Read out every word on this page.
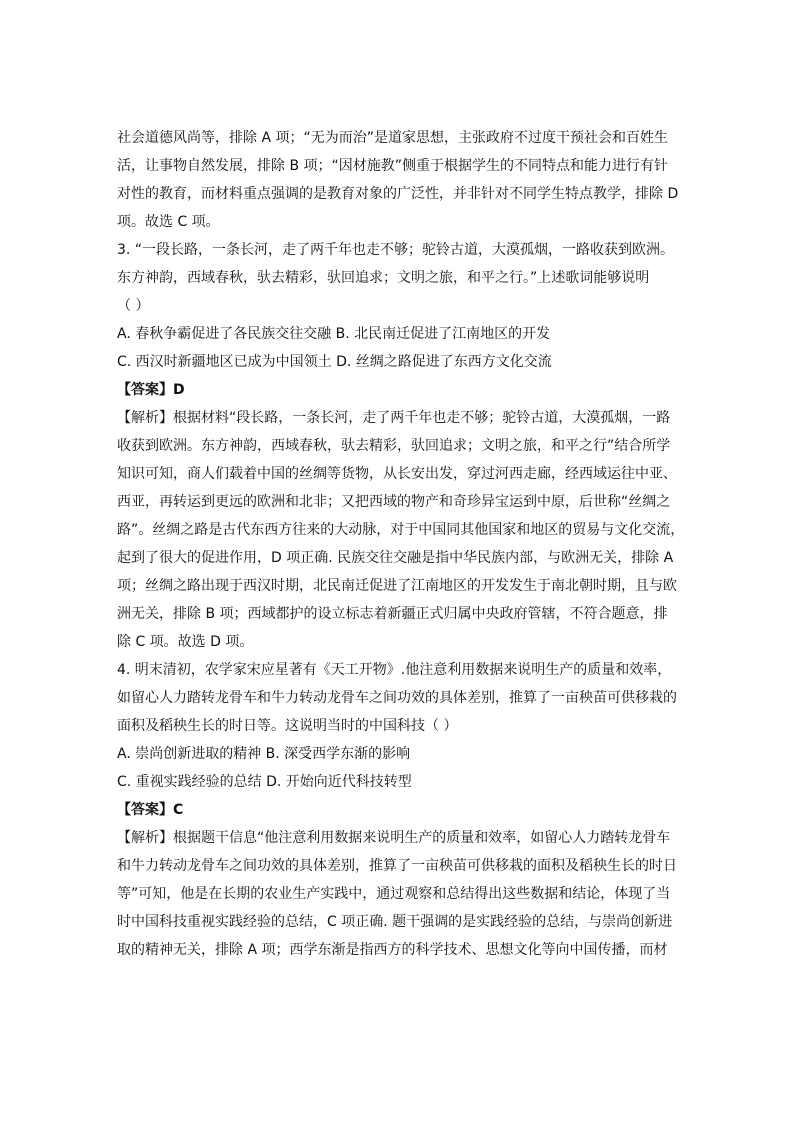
社会道德风尚等，排除 A 项；“无为而治”是道家思想，主张政府不过度干预社会和百姓生
活，让事物自然发展，排除 B 项；“因材施教”侧重于根据学生的不同特点和能力进行有针
对性的教育，而材料重点强调的是教育对象的广泛性，并非针对不同学生特点教学，排除 D
项。故选 C 项。
3. “一段长路，一条长河，走了两千年也走不够；驼铃古道，大漠孤烟，一路收获到欧洲。
东方神韵，西域春秋，驮去精彩，驮回追求；文明之旅，和平之行。”上述歌词能够说明
（ ）
A. 春秋争霸促进了各民族交往交融 B. 北民南迁促进了江南地区的开发
C. 西汉时新疆地区已成为中国领土 D. 丝绸之路促进了东西方文化交流
【答案】D
【解析】根据材料“段长路，一条长河，走了两千年也走不够；驼铃古道，大漠孤烟，一路
收获到欧洲。东方神韵，西域春秋，驮去精彩，驮回追求；文明之旅，和平之行”结合所学
知识可知，商人们载着中国的丝绸等货物，从长安出发，穿过河西走廊，经西域运往中亚、
西亚，再转运到更远的欧洲和北非；又把西域的物产和奇珍异宝运到中原，后世称“丝绸之
路”。丝绸之路是古代东西方往来的大动脉，对于中国同其他国家和地区的贸易与文化交流，
起到了很大的促进作用，D 项正确. 民族交往交融是指中华民族内部，与欧洲无关，排除 A
项；丝绸之路出现于西汉时期，北民南迁促进了江南地区的开发发生于南北朝时期，且与欧
洲无关，排除 B 项；西域都护的设立标志着新疆正式归属中央政府管辖，不符合题意，排
除 C 项。故选 D 项。
4. 明末清初，农学家宋应星著有《天工开物》.他注意利用数据来说明生产的质量和效率，
如留心人力踏转龙骨车和牛力转动龙骨车之间功效的具体差别，推算了一亩秧苗可供移栽的
面积及稻秧生长的时日等。这说明当时的中国科技（ ）
A. 崇尚创新进取的精神 B. 深受西学东渐的影响
C. 重视实践经验的总结 D. 开始向近代科技转型
【答案】C
【解析】根据题干信息“他注意利用数据来说明生产的质量和效率，如留心人力踏转龙骨车
和牛力转动龙骨车之间功效的具体差别，推算了一亩秧苗可供移栽的面积及稻秧生长的时日
等”可知，他是在长期的农业生产实践中，通过观察和总结得出这些数据和结论，体现了当
时中国科技重视实践经验的总结，C 项正确. 题干强调的是实践经验的总结，与崇尚创新进
取的精神无关，排除 A 项；西学东渐是指西方的科学技术、思想文化等向中国传播，而材
